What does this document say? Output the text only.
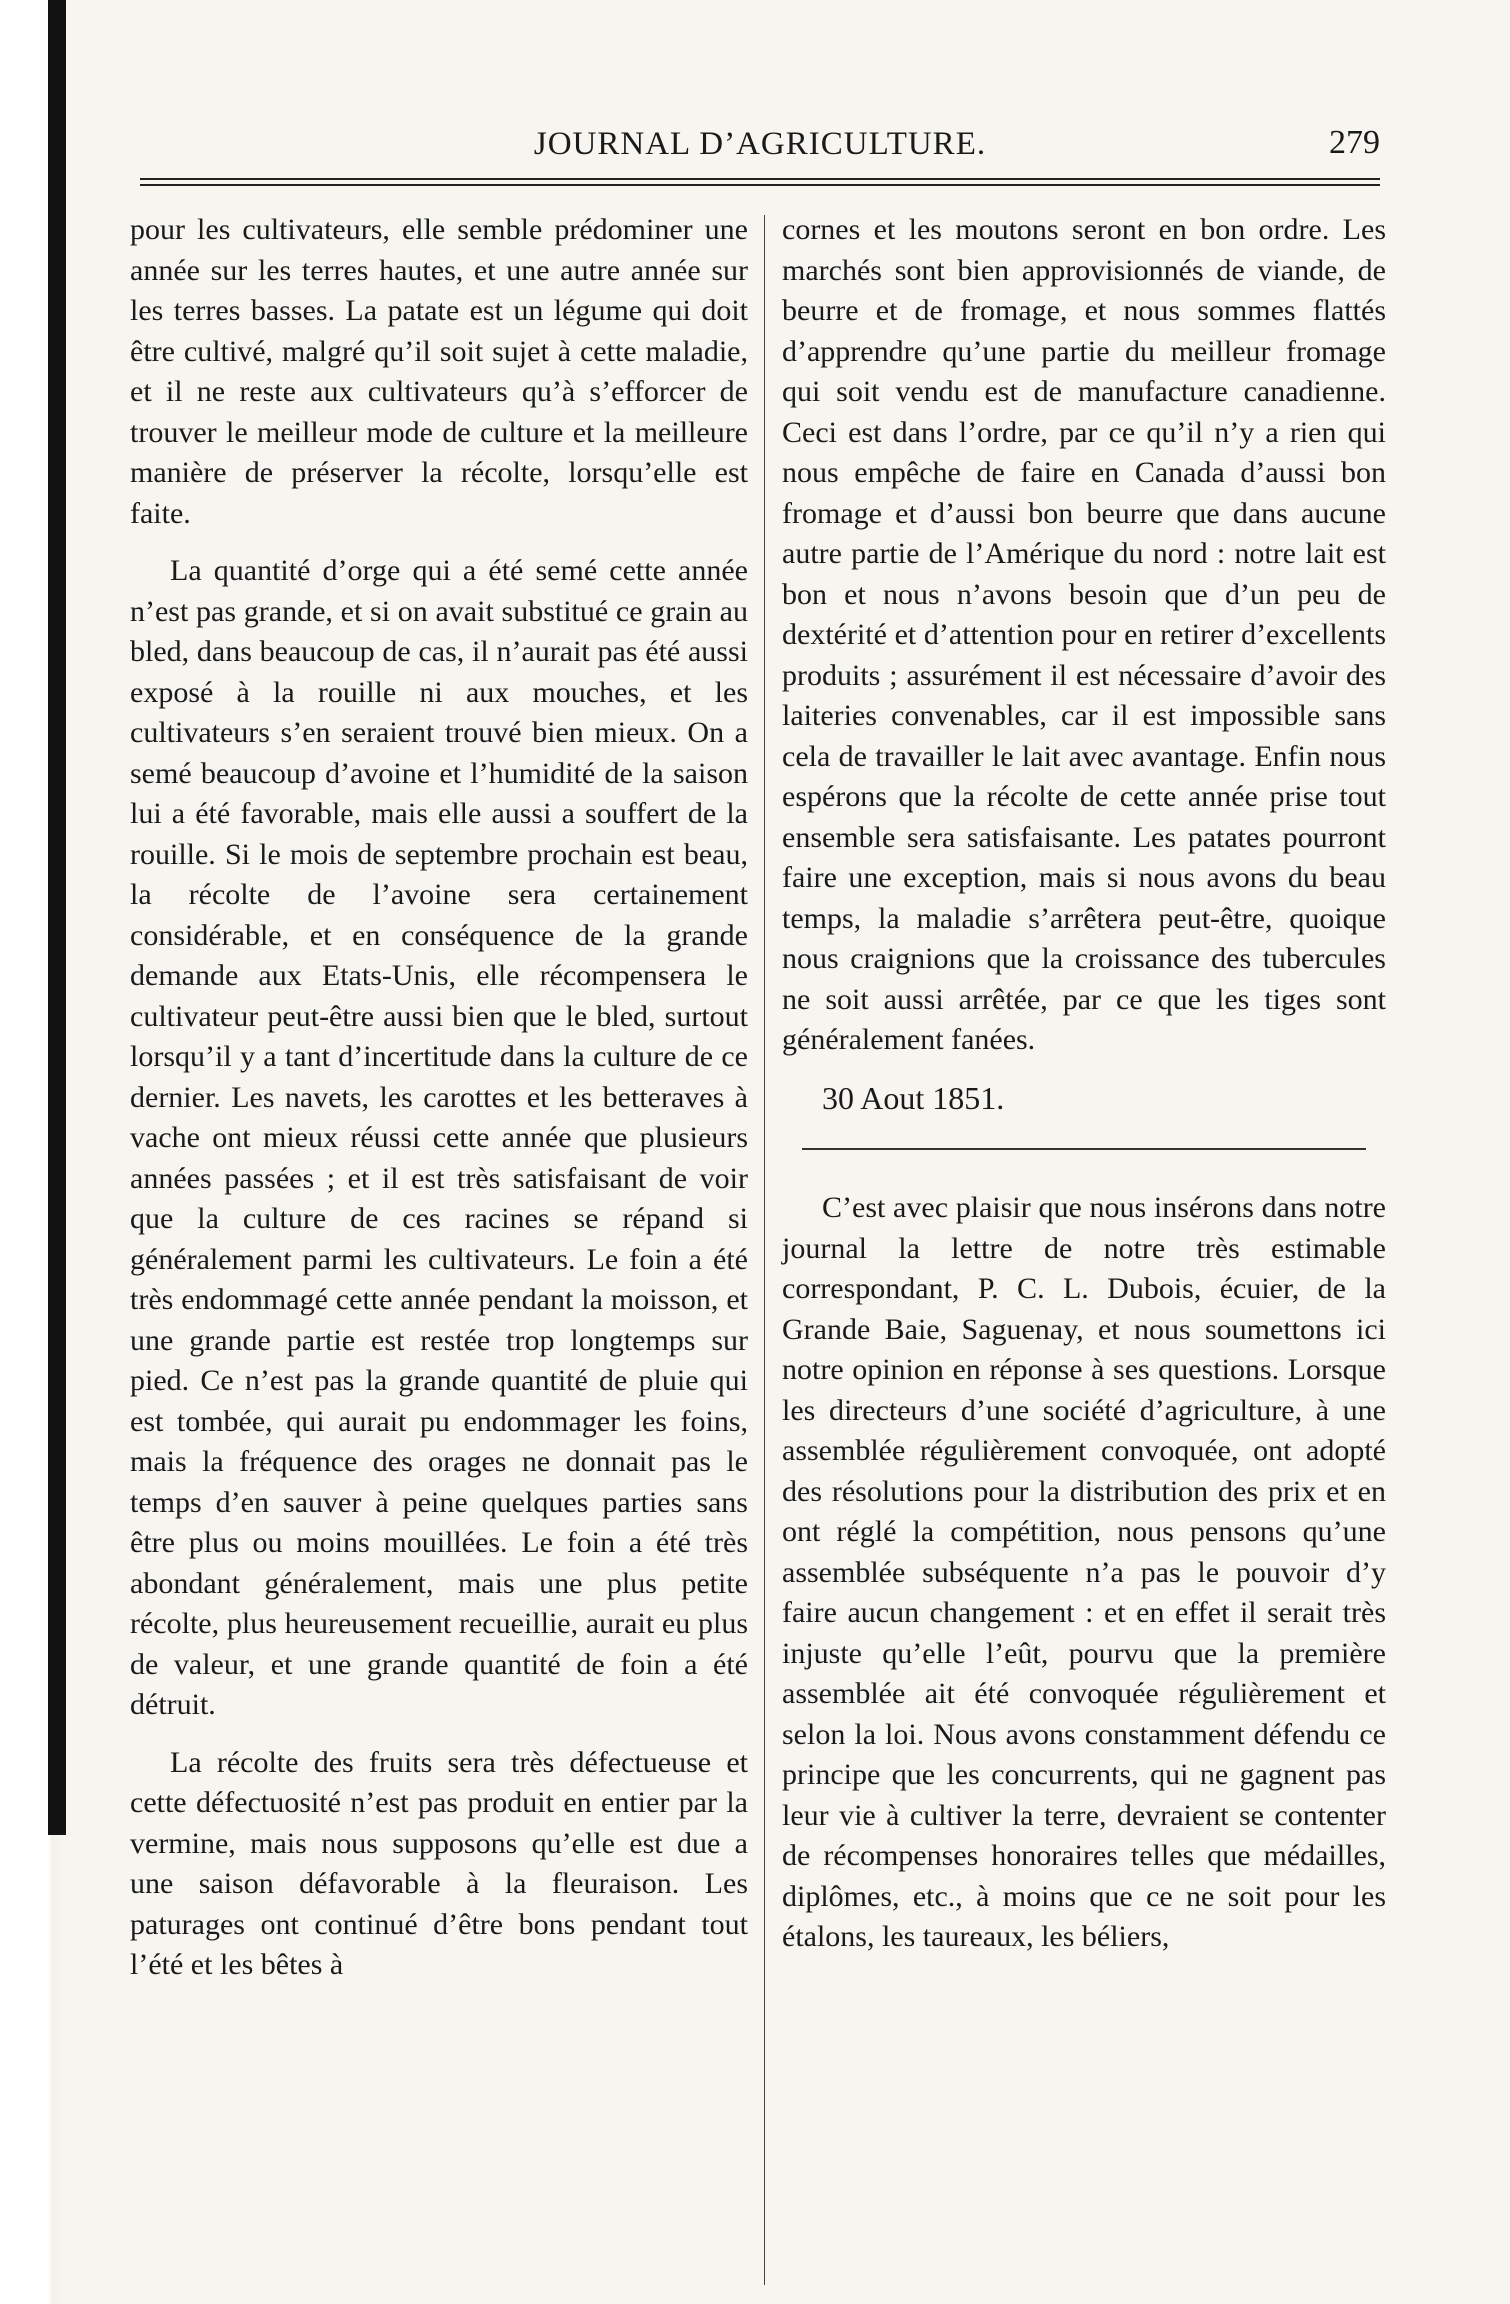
JOURNAL D’AGRICULTURE.	279

pour les cultivateurs, elle semble prédominer une année sur les terres hautes, et une autre année sur les terres basses. La patate est un légume qui doit être cultivé, malgré qu’il soit sujet à cette maladie, et il ne reste aux cultivateurs qu’à s’efforcer de trouver le meilleur mode de culture et la meilleure manière de préserver la récolte, lorsqu’elle est faite.

La quantité d’orge qui a été semé cette année n’est pas grande, et si on avait substitué ce grain au bled, dans beaucoup de cas, il n’aurait pas été aussi exposé à la rouille ni aux mouches, et les cultivateurs s’en seraient trouvé bien mieux. On a semé beaucoup d’avoine et l’humidité de la saison lui a été favorable, mais elle aussi a souffert de la rouille. Si le mois de septembre prochain est beau, la récolte de l’avoine sera certainement considérable, et en conséquence de la grande demande aux Etats-Unis, elle récompensera le cultivateur peut-être aussi bien que le bled, surtout lorsqu’il y a tant d’incertitude dans la culture de ce dernier. Les navets, les carottes et les betteraves à vache ont mieux réussi cette année que plusieurs années passées ; et il est très satisfaisant de voir que la culture de ces racines se répand si généralement parmi les cultivateurs. Le foin a été très endommagé cette année pendant la moisson, et une grande partie est restée trop longtemps sur pied. Ce n’est pas la grande quantité de pluie qui est tombée, qui aurait pu endommager les foins, mais la fréquence des orages ne donnait pas le temps d’en sauver à peine quelques parties sans être plus ou moins mouillées. Le foin a été très abondant généralement, mais une plus petite récolte, plus heureusement recueillie, aurait eu plus de valeur, et une grande quantité de foin a été détruit.

La récolte des fruits sera très défectueuse et cette défectuosité n’est pas produit en entier par la vermine, mais nous supposons qu’elle est due a une saison défavorable à la fleuraison. Les paturages ont continué d’être bons pendant tout l’été et les bêtes à

cornes et les moutons seront en bon ordre. Les marchés sont bien approvisionnés de viande, de beurre et de fromage, et nous sommes flattés d’apprendre qu’une partie du meilleur fromage qui soit vendu est de manufacture canadienne. Ceci est dans l’ordre, par ce qu’il n’y a rien qui nous empêche de faire en Canada d’aussi bon fromage et d’aussi bon beurre que dans aucune autre partie de l’Amérique du nord : notre lait est bon et nous n’avons besoin que d’un peu de dextérité et d’attention pour en retirer d’excellents produits ; assurément il est nécessaire d’avoir des laiteries convenables, car il est impossible sans cela de travailler le lait avec avantage. Enfin nous espérons que la récolte de cette année prise tout ensemble sera satisfaisante. Les patates pourront faire une exception, mais si nous avons du beau temps, la maladie s’arrêtera peut-être, quoique nous craignions que la croissance des tubercules ne soit aussi arrêtée, par ce que les tiges sont généralement fanées.

30 Aout 1851.

C’est avec plaisir que nous insérons dans notre journal la lettre de notre très estimable correspondant, P. C. L. Dubois, écuier, de la Grande Baie, Saguenay, et nous soumettons ici notre opinion en réponse à ses questions. Lorsque les directeurs d’une société d’agriculture, à une assemblée régulièrement convoquée, ont adopté des résolutions pour la distribution des prix et en ont réglé la compétition, nous pensons qu’une assemblée subséquente n’a pas le pouvoir d’y faire aucun changement : et en effet il serait très injuste qu’elle l’eût, pourvu que la première assemblée ait été convoquée régulièrement et selon la loi. Nous avons constamment défendu ce principe que les concurrents, qui ne gagnent pas leur vie à cultiver la terre, devraient se contenter de récompenses honoraires telles que médailles, diplômes, etc., à moins que ce ne soit pour les étalons, les taureaux, les béliers,
